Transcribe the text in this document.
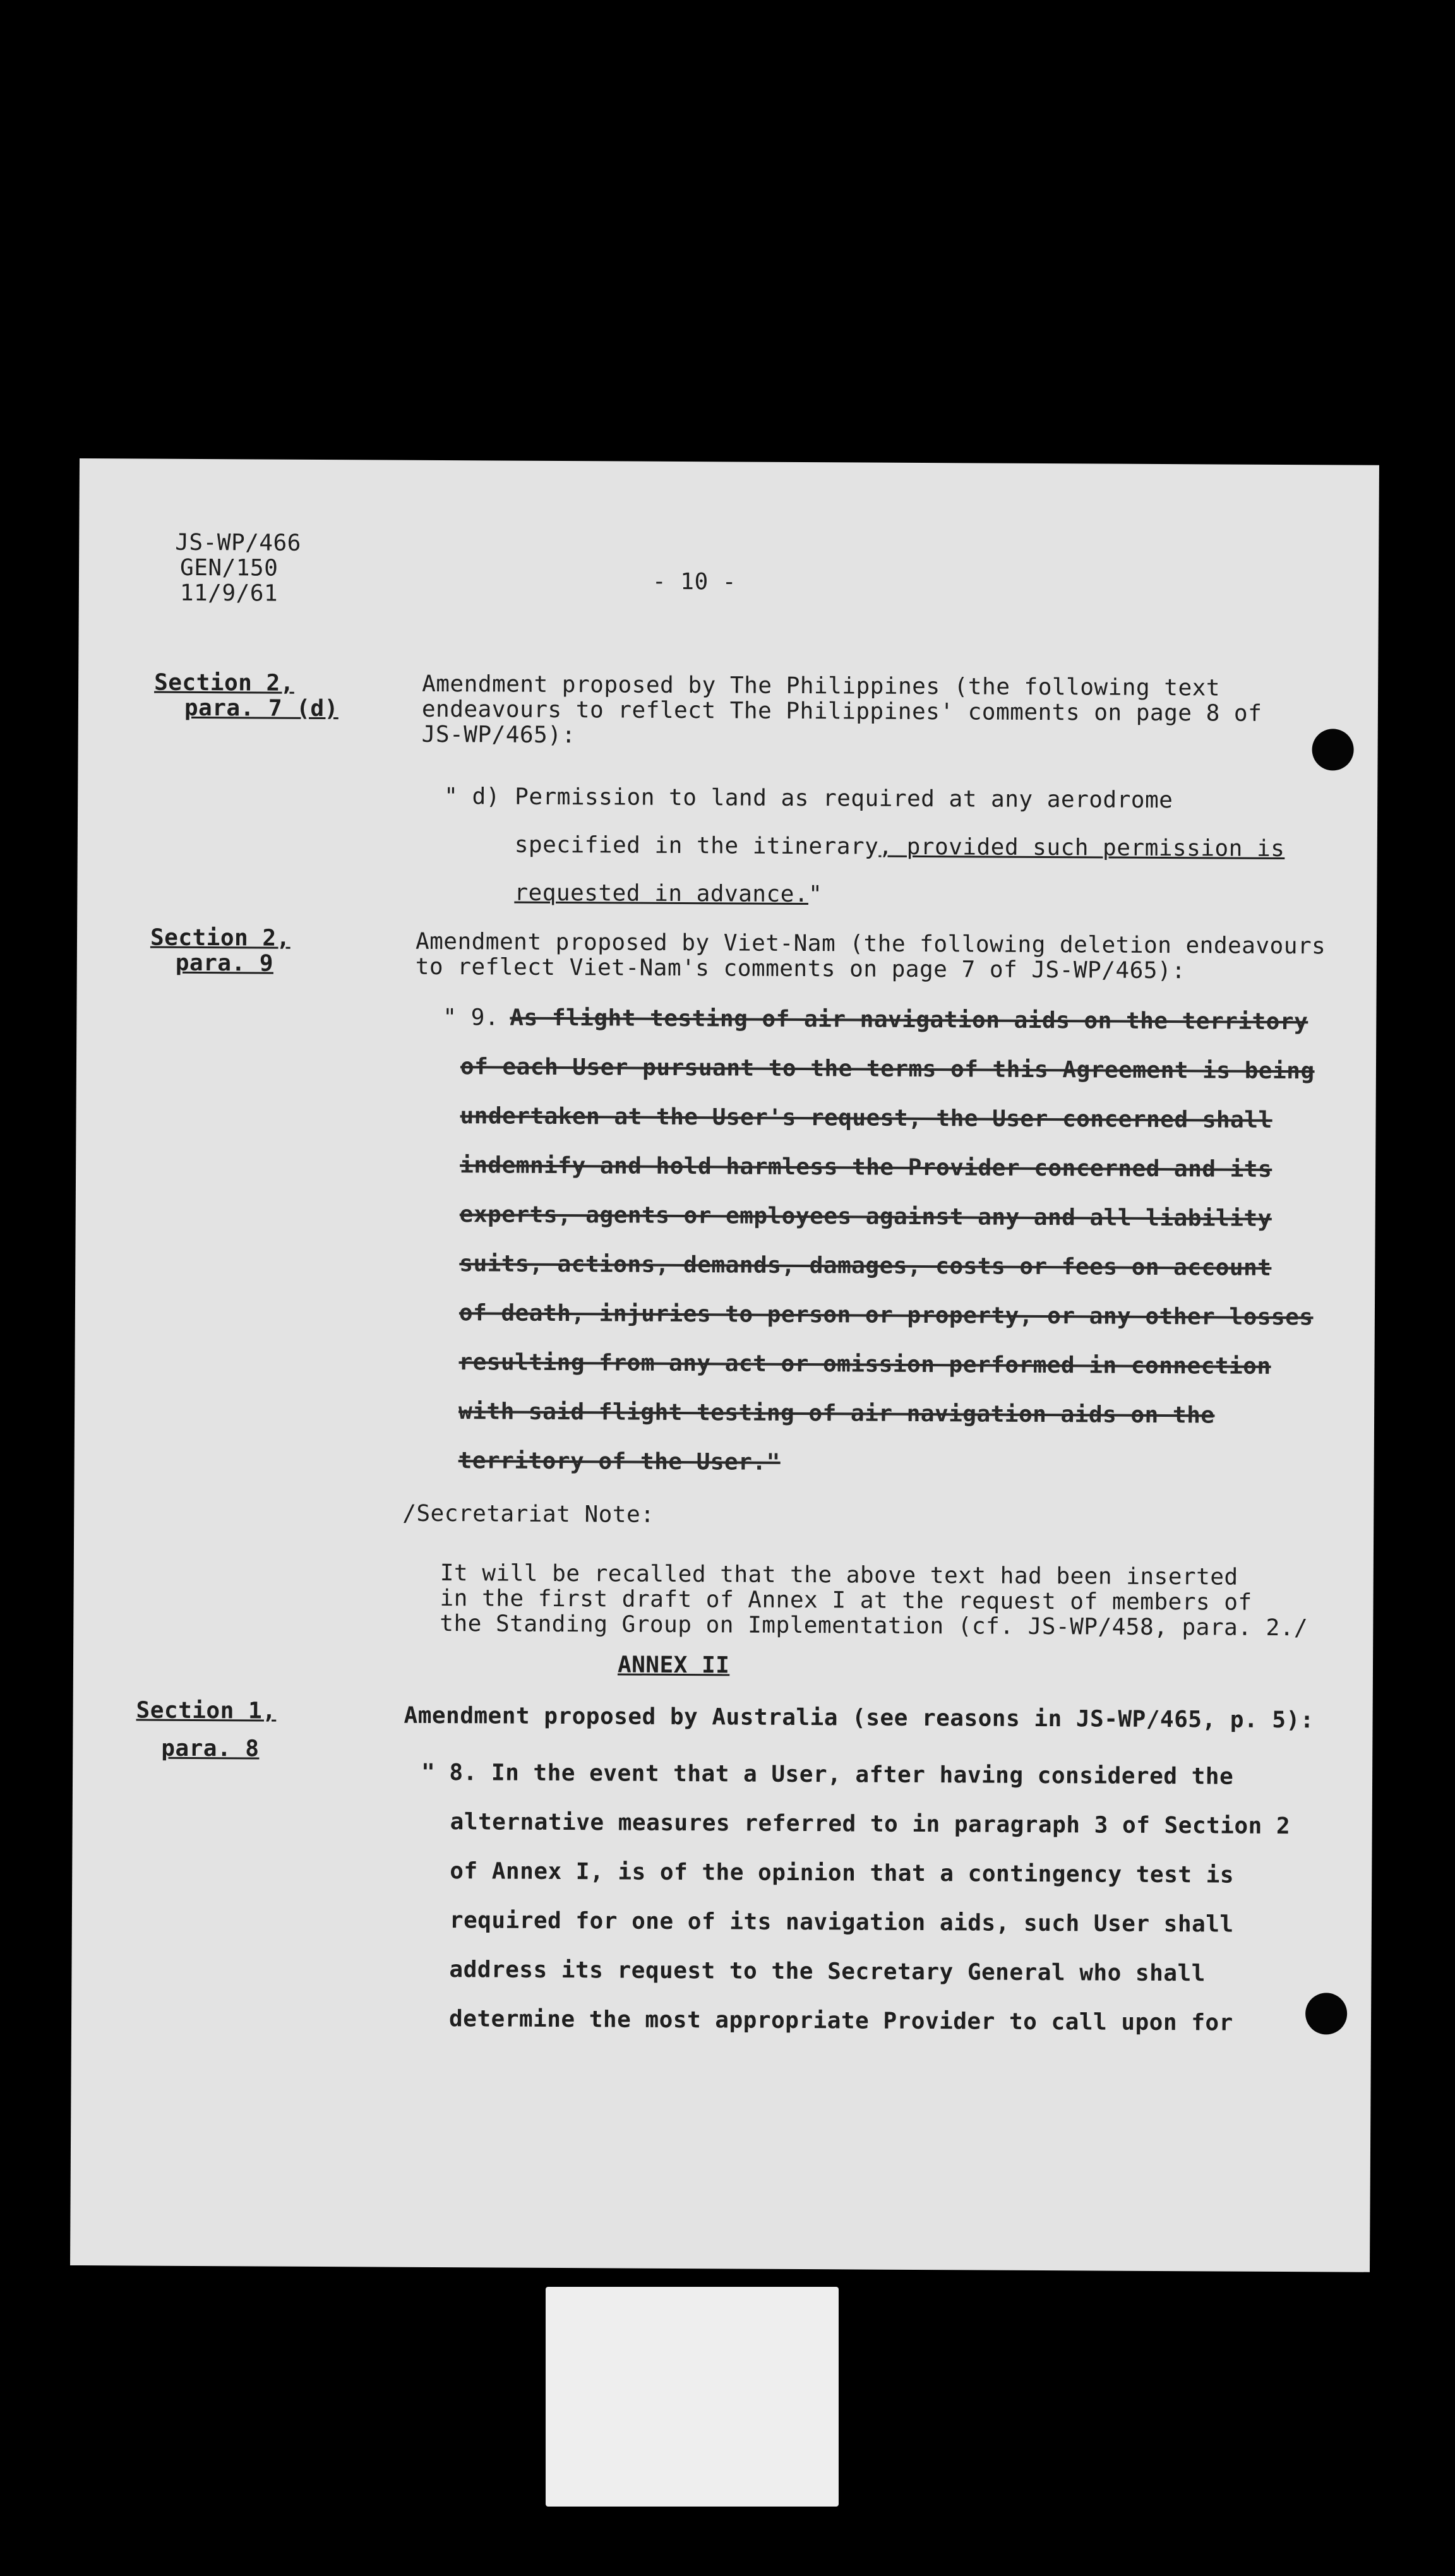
JS-WP/466
GEN/150
11/9/61	- 10 -
Section 2,
para. 7 (d)
Amendment proposed by The Philippines (the following text
endeavours to reflect The Philippines' comments on page 8 of
JS-WP/465):
" d) Permission to land as required at any aerodrome
specified in the itinerary, provided such permission is
requested in advance."
Section 2,
para. 9
Amendment proposed by Viet-Nam (the following deletion endeavours
to reflect Viet-Nam's comments on page 7 of JS-WP/465):
" 9. As flight testing of air navigation aids on the territory
of each User pursuant to the terms of this Agreement is being
undertaken at the User's request, the User concerned shall
indemnify and hold harmless the Provider concerned and its
experts, agents or employees against any and all liability
suits, actions, demands, damages, costs or fees on account
of death, injuries to person or property, or any other losses
resulting from any act or omission performed in connection
with said flight testing of air navigation aids on the
territory of the User."
/Secretariat Note:
It will be recalled that the above text had been inserted
in the first draft of Annex I at the request of members of
the Standing Group on Implementation (cf. JS-WP/458, para. 2./
ANNEX II
Section 1,
para. 8
Amendment proposed by Australia (see reasons in JS-WP/465, p. 5):
" 8. In the event that a User, after having considered the
alternative measures referred to in paragraph 3 of Section 2
of Annex I, is of the opinion that a contingency test is
required for one of its navigation aids, such User shall
address its request to the Secretary General who shall
determine the most appropriate Provider to call upon for
